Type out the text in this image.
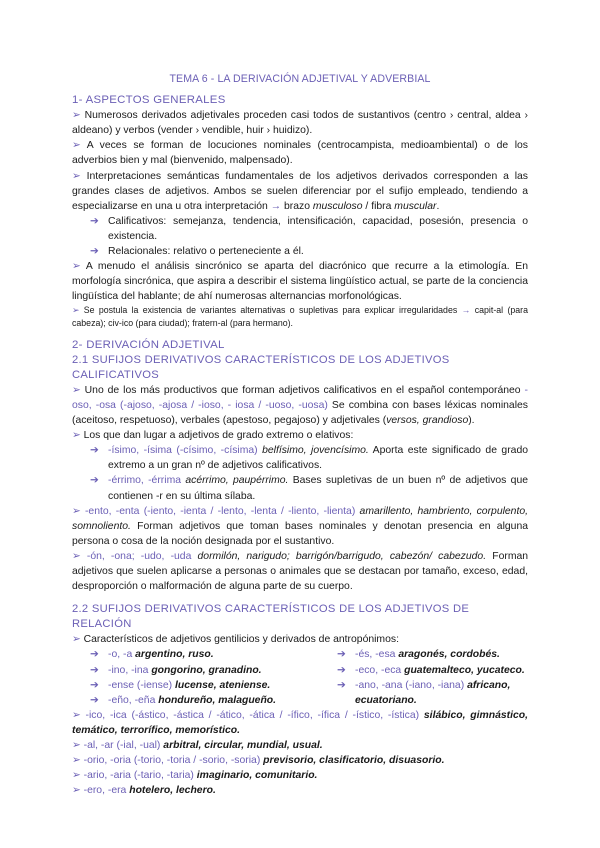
TEMA 6 - LA DERIVACIÓN ADJETIVAL Y ADVERBIAL
1- ASPECTOS GENERALES

➢ Numerosos derivados adjetivales proceden casi todos de sustantivos (centro › central, aldea › aldeano) y verbos (vender › vendible, huir › huidizo).

➢ A veces se forman de locuciones nominales (centrocampista, medioambiental) o de los adverbios bien y mal (bienvenido, malpensado).

➢ Interpretaciones semánticas fundamentales de los adjetivos derivados corresponden a las grandes clases de adjetivos. Ambos se suelen diferenciar por el sufijo empleado, tendiendo a especializarse en una u otra interpretación → brazo musculoso / fibra muscular.

➔ Calificativos: semejanza, tendencia, intensificación, capacidad, posesión, presencia o existencia.

➔ Relacionales: relativo o perteneciente a él.

➢ A menudo el análisis sincrónico se aparta del diacrónico que recurre a la etimología. En morfología sincrónica, que aspira a describir el sistema lingüístico actual, se parte de la conciencia lingüística del hablante; de ahí numerosas alternancias morfonológicas.

➢ Se postula la existencia de variantes alternativas o supletivas para explicar irregularidades → capit-al (para cabeza); civ-ico (para ciudad); fratern-al (para hermano).

2- DERIVACIÓN ADJETIVAL
2.1 SUFIJOS DERIVATIVOS CARACTERÍSTICOS DE LOS ADJETIVOS CALIFICATIVOS

➢ Uno de los más productivos que forman adjetivos calificativos en el español contemporáneo -oso, -osa (-ajoso, -ajosa / -ioso, - iosa / -uoso, -uosa) Se combina con bases léxicas nominales (aceitoso, respetuoso), verbales (apestoso, pegajoso) y adjetivales (versos, grandioso).

➢ Los que dan lugar a adjetivos de grado extremo o elativos:

➔ -ísimo, -ísima (-císimo, -císima) belfísimo, jovencísimo. Aporta este significado de grado extremo a un gran nº de adjetivos calificativos.

➔ -érrimo, -érrima acérrimo, paupérrimo. Bases supletivas de un buen nº de adjetivos que contienen -r en su última sílaba.

➢ -ento, -enta (-iento, -ienta / -lento, -lenta / -liento, -lienta) amarillento, hambriento, corpulento, somnoliento. Forman adjetivos que toman bases nominales y denotan presencia en alguna persona o cosa de la noción designada por el sustantivo.

➢ -ón, -ona; -udo, -uda dormilón, narigudo; barrigón/barrigudo, cabezón/ cabezudo. Forman adjetivos que suelen aplicarse a personas o animales que se destacan por tamaño, exceso, edad, desproporción o malformación de alguna parte de su cuerpo.

2.2 SUFIJOS DERIVATIVOS CARACTERÍSTICOS DE LOS ADJETIVOS DE RELACIÓN

➢ Característicos de adjetivos gentilicios y derivados de antropónimos:

➔ -o, -a argentino, ruso.	➔ -és, -esa aragonés, cordobés.
➔ -ino, -ina gongorino, granadino.	➔ -eco, -eca guatemalteco, yucateco.
➔ -ense (-iense) lucense, ateniense.	➔ -ano, -ana (-iano, -iana) africano, ecuatoriano.
➔ -eño, -eña hondureño, malagueño.

➢ -ico, -ica (-ástico, -ástica / -ático, -ática / -ífico, -ífica / -ístico, -ística) silábico, gimnástico, temático, terrorífico, memorístico.

➢ -al, -ar (-ial, -ual) arbitral, circular, mundial, usual.

➢ -orio, -oria (-torio, -toria / -sorio, -soria) previsorio, clasificatorio, disuasorio.

➢ -ario, -aria (-tario, -taria) imaginario, comunitario.

➢ -ero, -era hotelero, lechero.
